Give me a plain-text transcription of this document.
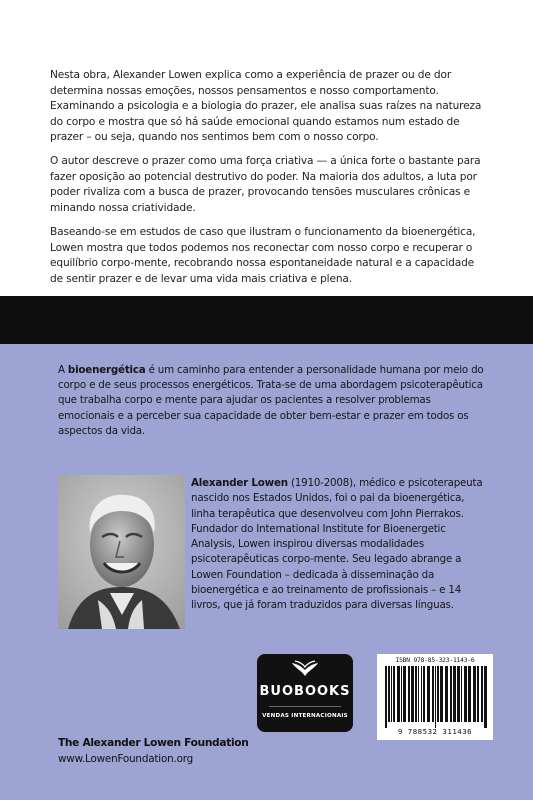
Nesta obra, Alexander Lowen explica como a experiência de prazer ou de dor determina nossas emoções, nossos pensamentos e nosso comportamento. Examinando a psicologia e a biologia do prazer, ele analisa suas raízes na natureza do corpo e mostra que só há saúde emocional quando estamos num estado de prazer – ou seja, quando nos sentimos bem com o nosso corpo.

O autor descreve o prazer como uma força criativa — a única forte o bastante para fazer oposição ao potencial destrutivo do poder. Na maioria dos adultos, a luta por poder rivaliza com a busca de prazer, provocando tensões musculares crônicas e minando nossa criatividade.

Baseando-se em estudos de caso que ilustram o funcionamento da bioenergética, Lowen mostra que todos podemos nos reconectar com nosso corpo e recuperar o equilíbrio corpo-mente, recobrando nossa espontaneidade natural e a capacidade de sentir prazer e de levar uma vida mais criativa e plena.

A bioenergética é um caminho para entender a personalidade humana por meio do corpo e de seus processos energéticos. Trata-se de uma abordagem psicoterapêutica que trabalha corpo e mente para ajudar os pacientes a resolver problemas emocionais e a perceber sua capacidade de obter bem-estar e prazer em todos os aspectos da vida.

Alexander Lowen (1910-2008), médico e psicoterapeuta nascido nos Estados Unidos, foi o pai da bioenergética, linha terapêutica que desenvolveu com John Pierrakos. Fundador do International Institute for Bioenergetic Analysis, Lowen inspirou diversas modalidades psicoterapêuticas corpo-mente. Seu legado abrange a Lowen Foundation – dedicada à disseminação da bioenergética e ao treinamento de profissionais – e 14 livros, que já foram traduzidos para diversas línguas.

BUOBOOKS
VENDAS INTERNACIONAIS
ISBN 978-85-323-1143-6
9 788532 311436
The Alexander Lowen Foundation
www.LowenFoundation.org
